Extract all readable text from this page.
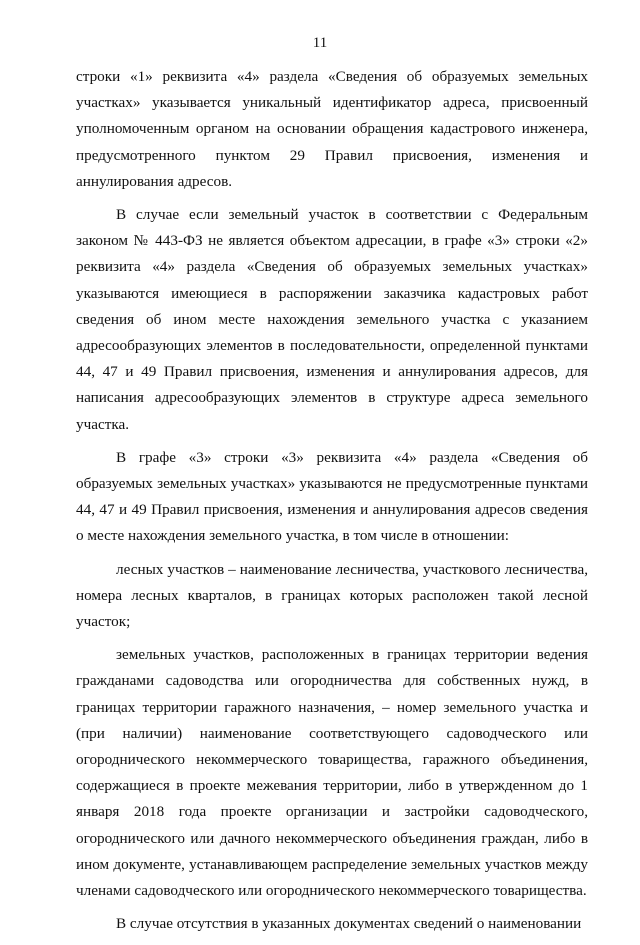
11

строки «1» реквизита «4» раздела «Сведения об образуемых земельных участках» указывается уникальный идентификатор адреса, присвоенный уполномоченным органом на основании обращения кадастрового инженера, предусмотренного пунктом 29 Правил присвоения, изменения и аннулирования адресов.

В случае если земельный участок в соответствии с Федеральным законом № 443-ФЗ не является объектом адресации, в графе «3» строки «2» реквизита «4» раздела «Сведения об образуемых земельных участках» указываются имеющиеся в распоряжении заказчика кадастровых работ сведения об ином месте нахождения земельного участка с указанием адресообразующих элементов в последовательности, определенной пунктами 44, 47 и 49 Правил присвоения, изменения и аннулирования адресов, для написания адресообразующих элементов в структуре адреса земельного участка.

В графе «3» строки «3» реквизита «4» раздела «Сведения об образуемых земельных участках» указываются не предусмотренные пунктами 44, 47 и 49 Правил присвоения, изменения и аннулирования адресов сведения о месте нахождения земельного участка, в том числе в отношении:

лесных участков – наименование лесничества, участкового лесничества, номера лесных кварталов, в границах которых расположен такой лесной участок;

земельных участков, расположенных в границах территории ведения гражданами садоводства или огородничества для собственных нужд, в границах территории гаражного назначения, – номер земельного участка и (при наличии) наименование соответствующего садоводческого или огороднического некоммерческого товарищества, гаражного объединения, содержащиеся в проекте межевания территории, либо в утвержденном до 1 января 2018 года проекте организации и застройки садоводческого, огороднического или дачного некоммерческого объединения граждан, либо в ином документе, устанавливающем распределение земельных участков между членами садоводческого или огороднического некоммерческого товарищества.

В случае отсутствия в указанных документах сведений о наименовании
